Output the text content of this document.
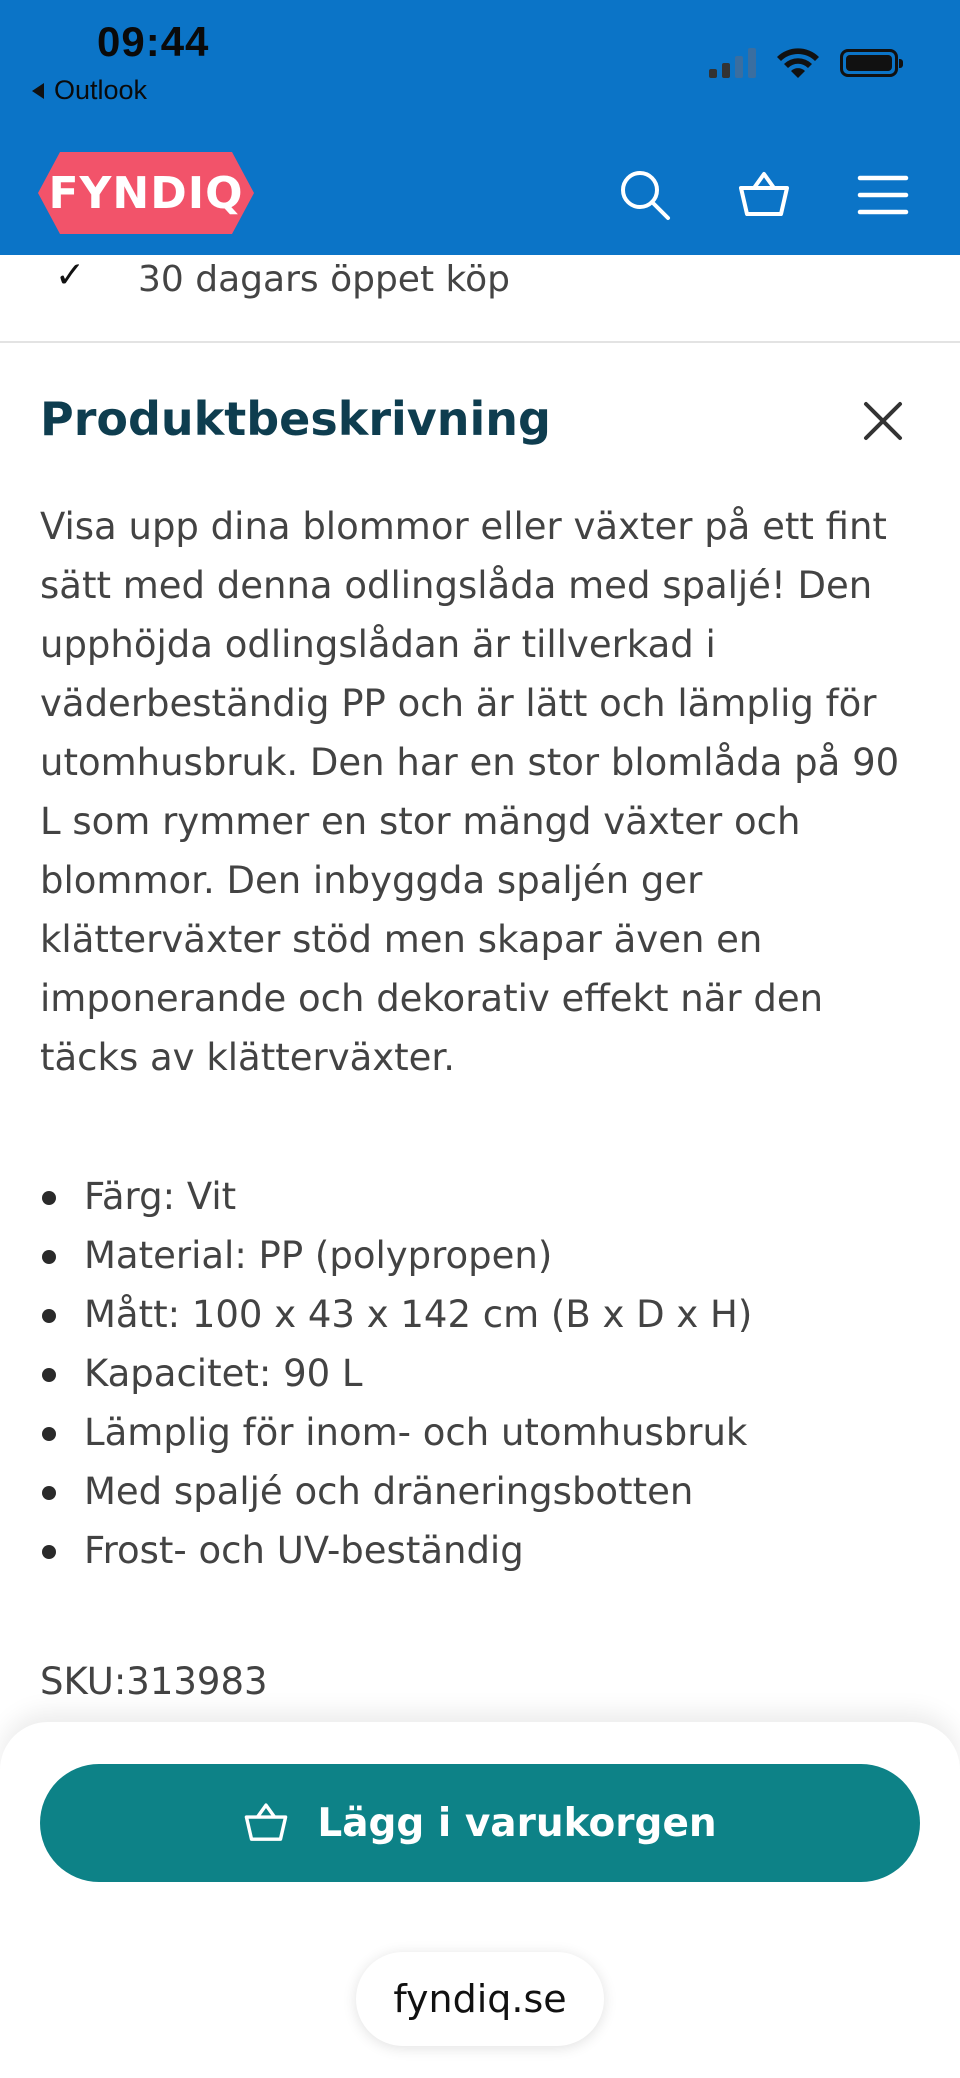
09:44
Outlook
FYNDIQ
✓ 30 dagars öppet köp
Produktbeskrivning
Visa upp dina blommor eller växter på ett fint sätt med denna odlingslåda med spaljé! Den upphöjda odlingslådan är tillverkad i väderbeständig PP och är lätt och lämplig för utomhusbruk. Den har en stor blomlåda på 90 L som rymmer en stor mängd växter och blommor. Den inbyggda spaljén ger klätterväxter stöd men skapar även en imponerande och dekorativ effekt när den täcks av klätterväxter.
Färg: Vit
Material: PP (polypropen)
Mått: 100 x 43 x 142 cm (B x D x H)
Kapacitet: 90 L
Lämplig för inom- och utomhusbruk
Med spaljé och dräneringsbotten
Frost- och UV-beständig
SKU:313983
Lägg i varukorgen
fyndiq.se
